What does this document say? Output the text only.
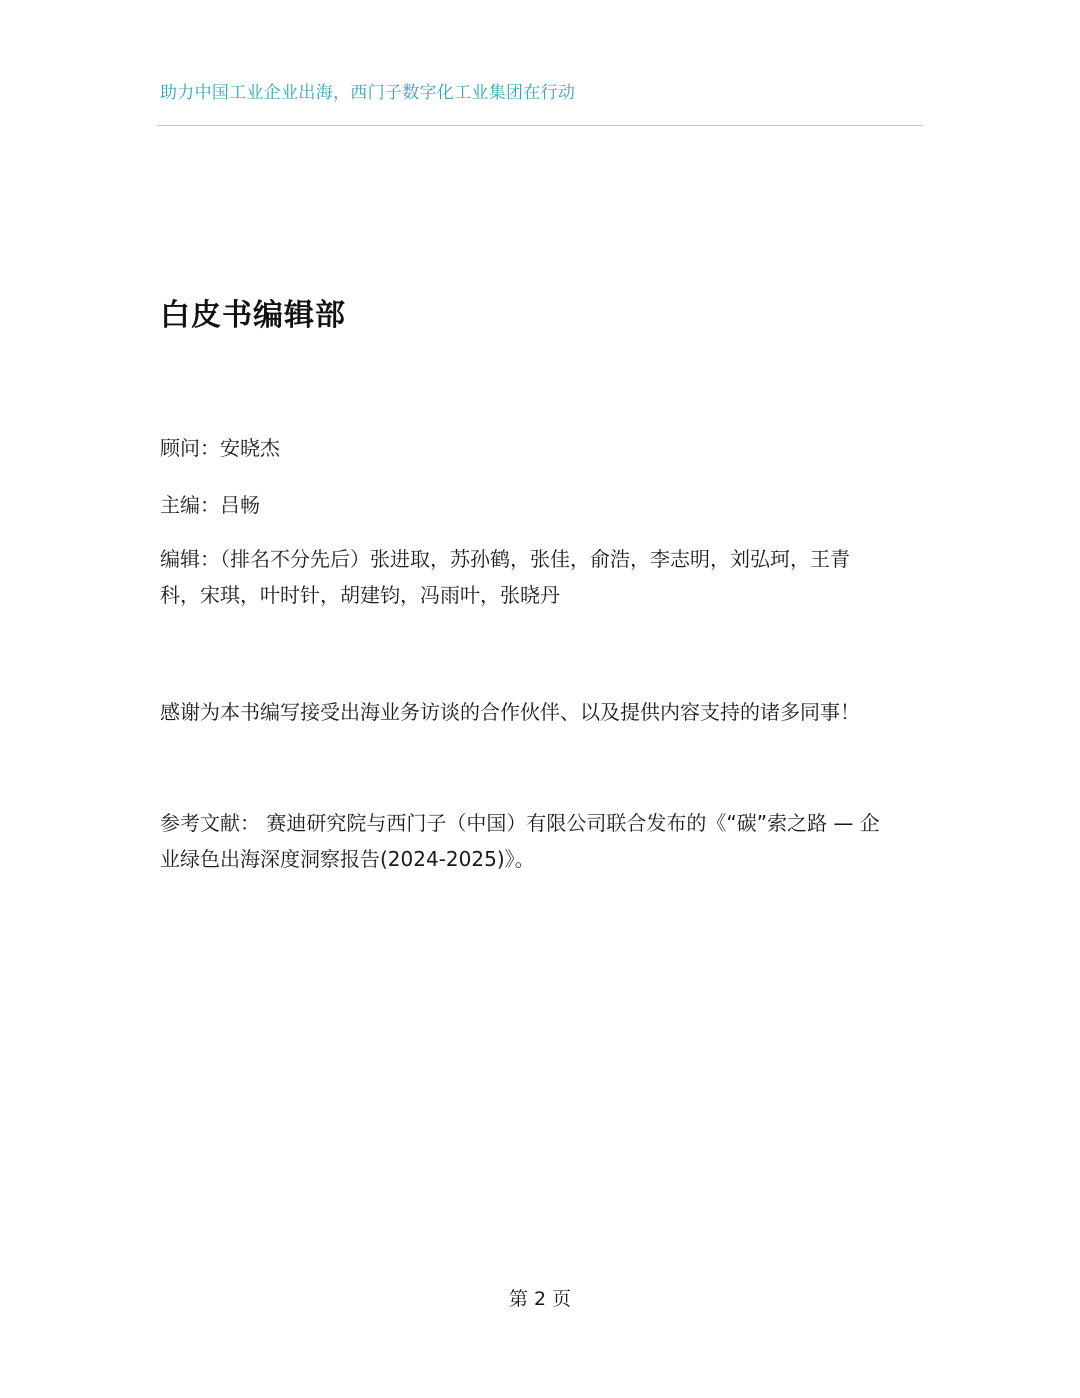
助力中国工业企业出海，西门子数字化工业集团在行动
白皮书编辑部
顾问：安晓杰
主编：吕畅
编辑：（排名不分先后）张进取，苏孙鹤，张佳，俞浩，李志明，刘弘珂，王青
科，宋琪，叶时针，胡建钧，冯雨叶，张晓丹
感谢为本书编写接受出海业务访谈的合作伙伴、以及提供内容支持的诸多同事！
参考文献： 赛迪研究院与西门子（中国）有限公司联合发布的《“碳”索之路 — 企
业绿色出海深度洞察报告(2024-2025)》。
第 2 页
